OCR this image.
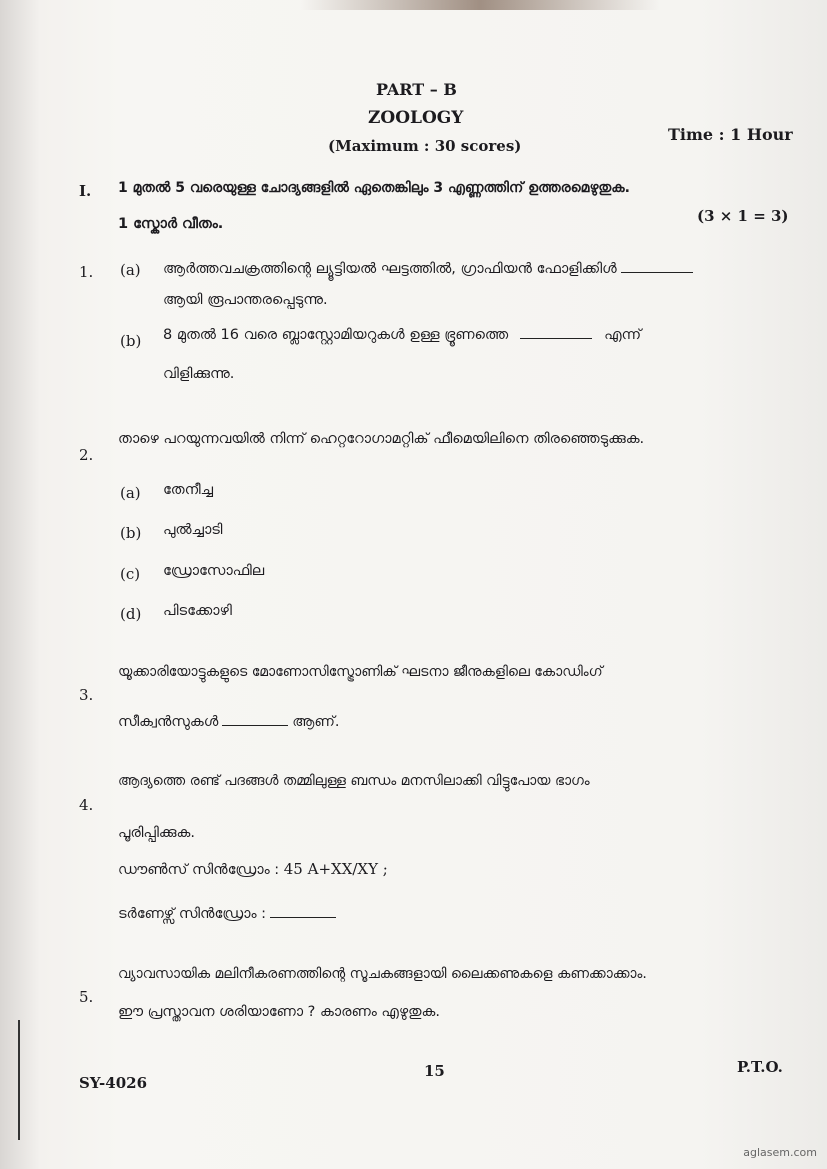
PART – B
ZOOLOGY
(Maximum : 30 scores)
Time : 1 Hour
I. 1 മുതൽ 5 വരെയുള്ള ചോദ്യങ്ങളിൽ ഏതെങ്കിലും 3 എണ്ണത്തിന് ഉത്തരമെഴുതുക.
1 സ്കോർ വീതം.	(3 × 1 = 3)
1. (a) ആർത്തവചക്രത്തിന്റെ ല്യൂട്ടിയൽ ഘട്ടത്തിൽ, ഗ്രാഫിയൻ ഫോളിക്കിൾ
ആയി രൂപാന്തരപ്പെടുന്നു.
(b) 8 മുതൽ 16 വരെ ബ്ലാസ്റ്റോമിയറുകൾ ഉള്ള ഭ്രൂണത്തെ	എന്ന്
വിളിക്കുന്നു.
2.
താഴെ പറയുന്നവയിൽ നിന്ന് ഹെറ്ററോഗാമറ്റിക് ഫീമെയിലിനെ തിരഞ്ഞെടുക്കുക.
(a) തേനീച്ച
(b) പുൽച്ചാടി
(c) ഡ്രോസോഫില
(d) പിടക്കോഴി
3.
യൂക്കാരിയോട്ടുകളുടെ മോണോസിസ്ട്രോണിക് ഘടനാ ജീനുകളിലെ കോഡിംഗ്
സീക്വൻസുകൾ	ആണ്.
4.
ആദ്യത്തെ രണ്ട് പദങ്ങൾ തമ്മിലുള്ള ബന്ധം മനസിലാക്കി വിട്ടുപോയ ഭാഗം
പൂരിപ്പിക്കുക.
ഡൗൺസ് സിൻഡ്രോം : 45 A+XX/XY ;
ടർണേഴ്സ് സിൻഡ്രോം :
5.
വ്യാവസായിക മലിനീകരണത്തിന്റെ സൂചകങ്ങളായി ലൈക്കണുകളെ കണക്കാക്കാം.
ഈ പ്രസ്താവന ശരിയാണോ ? കാരണം എഴുതുക.
SY-4026
15	P.T.O.
aglasem.com
